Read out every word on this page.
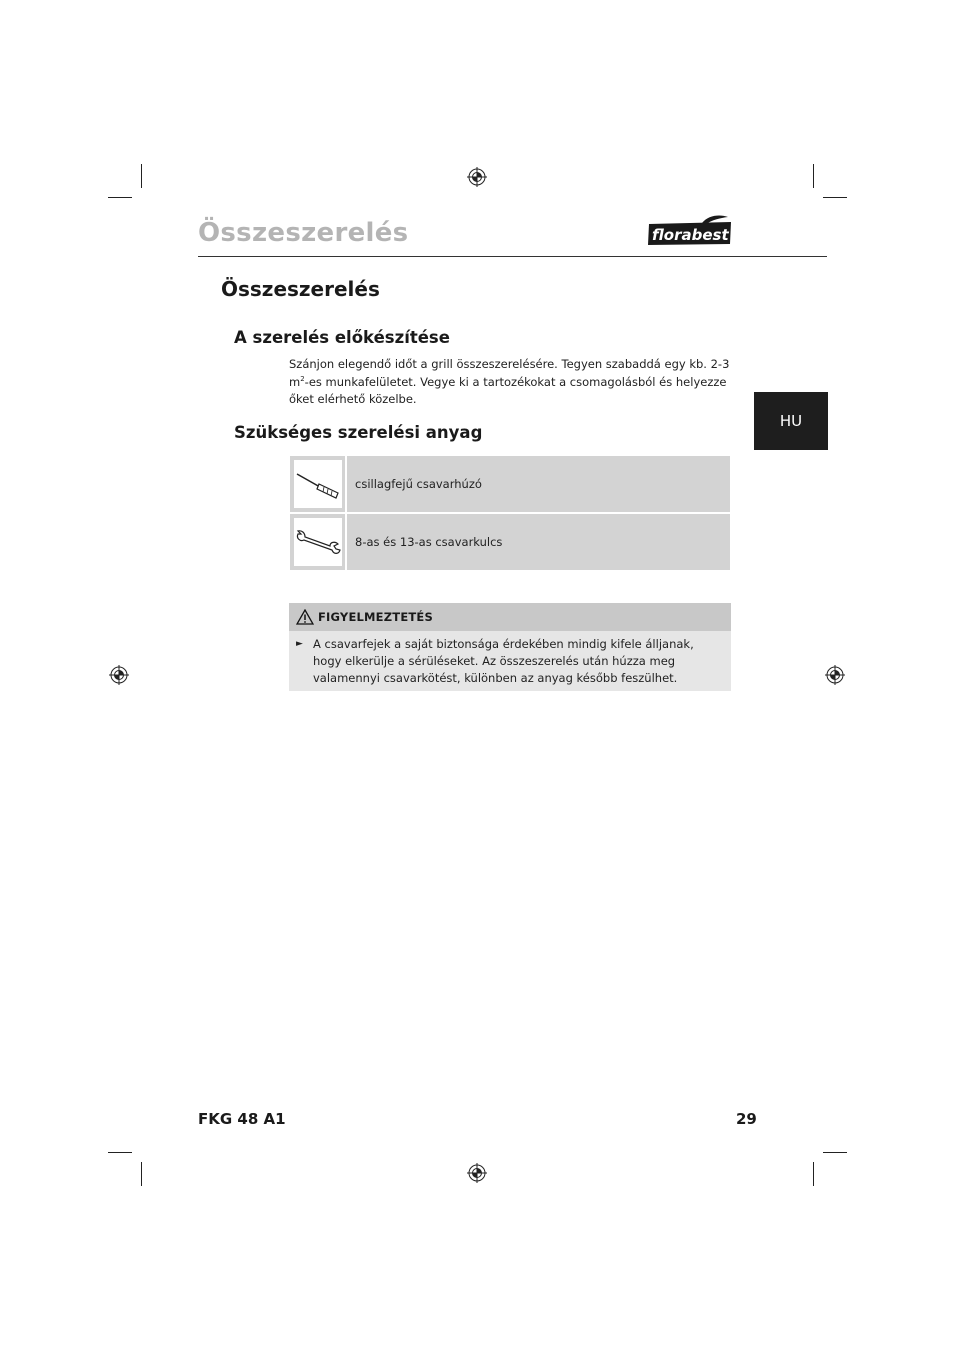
Összeszerelés	florabest
Összeszerelés
A szerelés előkészítése
Szánjon elegendő időt a grill összeszerelésére. Tegyen szabaddá egy kb. 2-3 $m^2-es$ munkafelületet. Vegye ki a tartozékokat a csomagolásból és helyezze őket elérhető közelbe.
HU
Szükséges szerelési anyag
csillagfejű csavarhúzó
8-as és 13-as csavarkulcs
FIGYELMEZTETÉS
► A csavarfejek a saját biztonsága érdekében mindig kifele álljanak, hogy elkerülje a sérüléseket. Az összeszerelés után húzza meg valamennyi csavarkötést, különben az anyag később feszülhet.
FKG 48 A1	29
